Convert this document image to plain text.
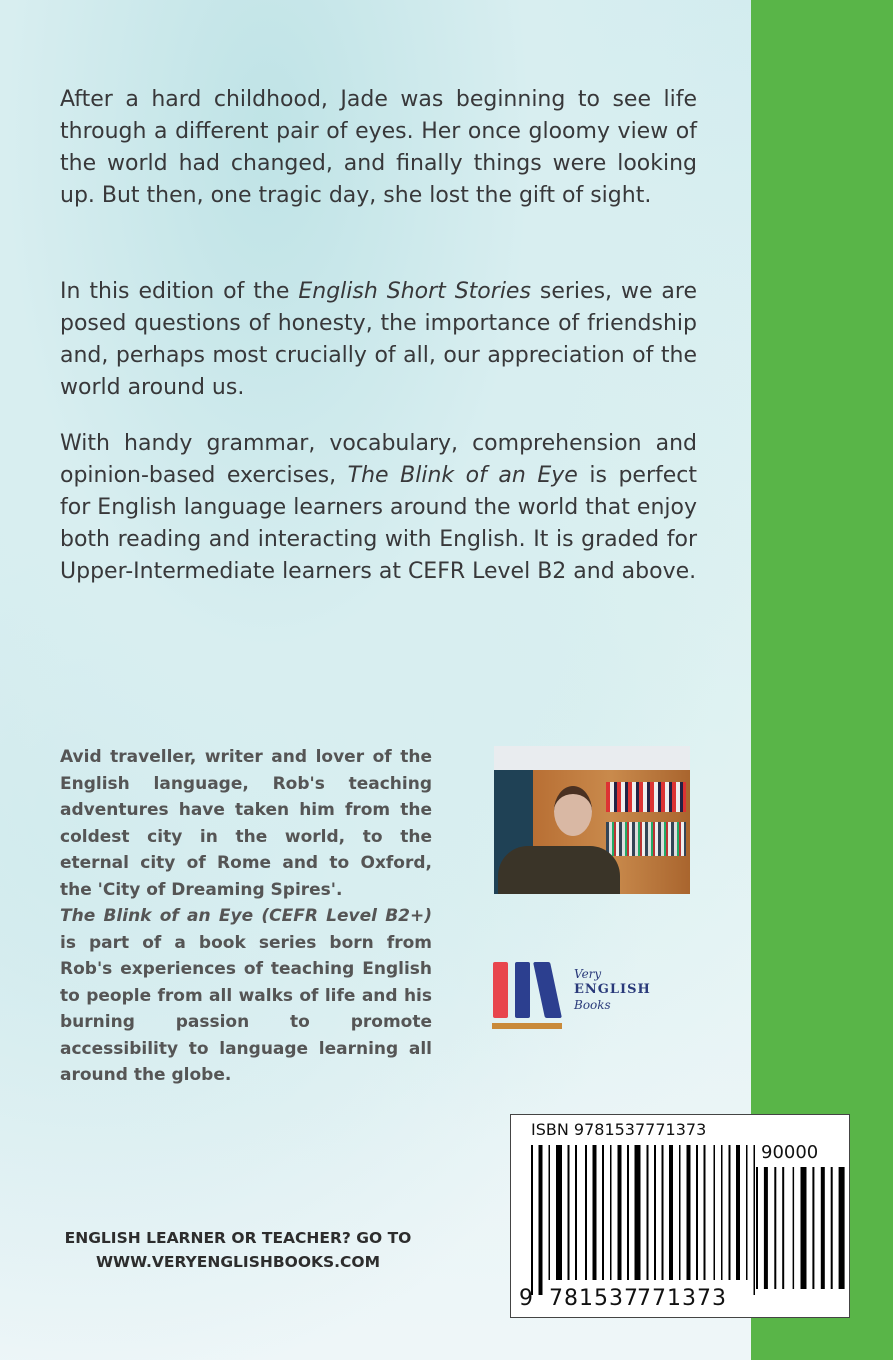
After a hard childhood, Jade was beginning to see life through a different pair of eyes. Her once gloomy view of the world had changed, and finally things were looking up. But then, one tragic day, she lost the gift of sight.

In this edition of the English Short Stories series, we are posed questions of honesty, the importance of friendship and, perhaps most crucially of all, our appreciation of the world around us.

With handy grammar, vocabulary, comprehension and opinion-based exercises, The Blink of an Eye is perfect for English language learners around the world that enjoy both reading and interacting with English. It is graded for Upper-Intermediate learners at CEFR Level B2 and above.

Avid traveller, writer and lover of the English language, Rob's teaching adventures have taken him from the coldest city in the world, to the eternal city of Rome and to Oxford, the 'City of Dreaming Spires'.

The Blink of an Eye (CEFR Level B2+) is part of a book series born from Rob's experiences of teaching English to people from all walks of life and his burning passion to promote accessibility to language learning all around the globe.

Very
ENGLISH
Books
ENGLISH LEARNER OR TEACHER? GO TO
WWW.VERYENGLISHBOOKS.COM
ISBN 9781537771373
90000
9 781537
771373
